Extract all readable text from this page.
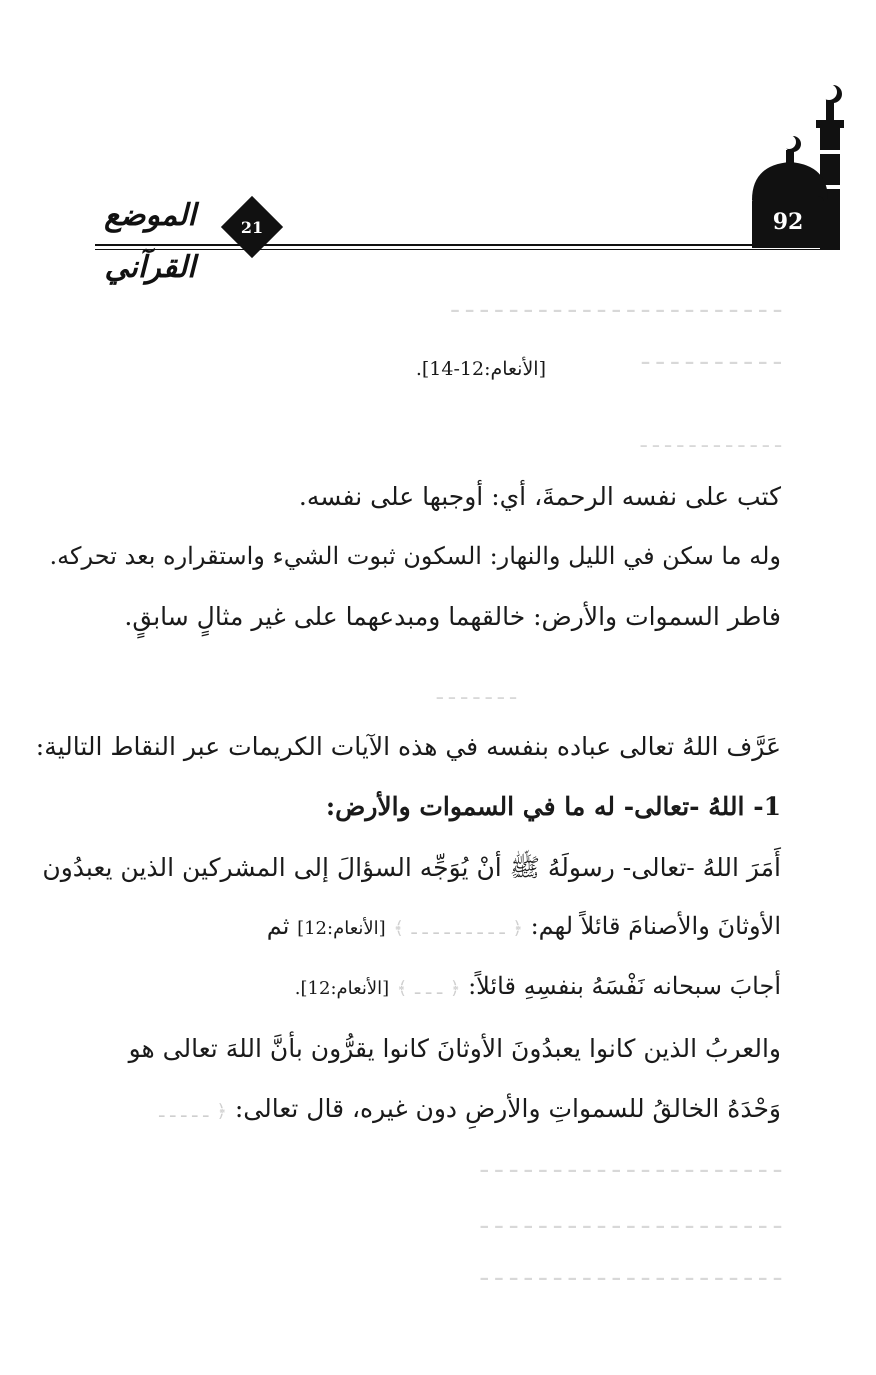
92
21
الموضع القرآني
ـ ـ ـ ـ ـ ـ ـ ـ ـ ـ ـ ـ ـ ـ ـ ـ ـ ـ ـ ـ ـ ـ ـ
ـ ـ ـ ـ ـ ـ ـ ـ ـ ـ
[الأنعام:12-14].
ـ ـ ـ ـ ـ ـ ـ ـ ـ ـ ـ ـ
كتب على نفسه الرحمةَ، أي: أوجبها على نفسه.
وله ما سكن في الليل والنهار: السكون ثبوت الشيء واستقراره بعد تحركه.
فاطر السموات والأرض: خالقهما ومبدعهما على غير مثالٍ سابقٍ.
ـ ـ ـ ـ ـ ـ ـ
عَرَّف اللهُ تعالى عباده بنفسه في هذه الآيات الكريمات عبر النقاط التالية:
1- اللهُ -تعالى- له ما في السموات والأرض:
أَمَرَ اللهُ -تعالى- رسولَهُ ﷺ أنْ يُوَجِّه السؤالَ إلى المشركين الذين يعبدُون
الأوثانَ والأصنامَ قائلاً لهم: ﴿ ـ ـ ـ ـ ـ ـ ـ ـ ـ ﴾ [الأنعام:12] ثم
أجابَ سبحانه نَفْسَهُ بنفسِهِ قائلاً: ﴿ ـ ـ ـ ﴾ [الأنعام:12].
والعربُ الذين كانوا يعبدُونَ الأوثانَ كانوا يقرُّون بأنَّ اللهَ تعالى هو
وَحْدَهُ الخالقُ للسمواتِ والأرضِ دون غيره، قال تعالى: ﴿ ـ ـ ـ ـ ـ
ـ ـ ـ ـ ـ ـ ـ ـ ـ ـ ـ ـ ـ ـ ـ ـ ـ ـ ـ ـ ـ
ـ ـ ـ ـ ـ ـ ـ ـ ـ ـ ـ ـ ـ ـ ـ ـ ـ ـ ـ ـ ـ
ـ ـ ـ ـ ـ ـ ـ ـ ـ ـ ـ ـ ـ ـ ـ ـ ـ ـ ـ ـ ـ
